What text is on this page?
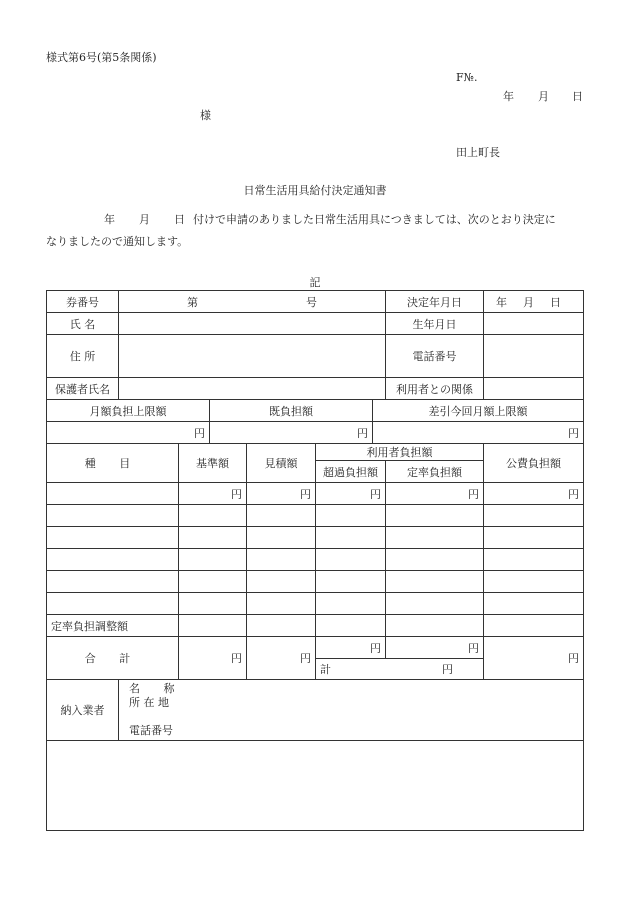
様式第6号(第5条関係)
F№.
年 月 日
様
田上町長
日常生活用具給付決定通知書
年 月 日 付けで申請のありました日常生活用具につきましては、次のとおり決定に
なりましたので通知します。
記
券番号	第 号						決定年月日	年 月 日

氏 名							生年月日	
住 所							電話番号	
保護者氏名							利用者との関係	
月額負担上限額			既負担額			差引今回月額上限額		
円			円			円		
種 目		基準額		見積額	利用者負担額			公費負担額
					超過負担額		定率負担額	
		円		円	円		円	円

定率負担調整額								
合 計		円		円	円		円	円

					計 円			

納入業者	名 称
所 在 地
電話番号							
